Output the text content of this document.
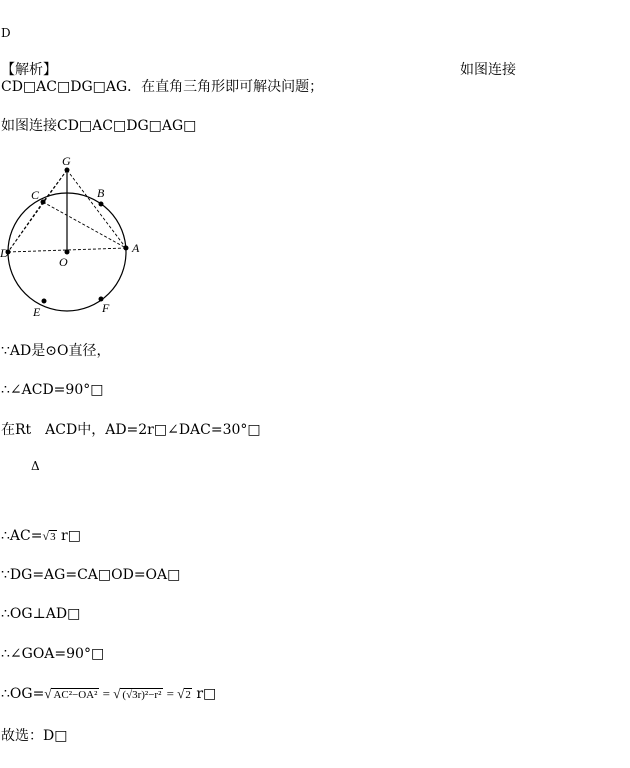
D
【解析】	如图连接
CD□AC□DG□AG．在直角三角形即可解决问题；
如图连接CD□AC□DG□AG□
G
B
C
D
O
A
E	F
∵AD是⊙O直径，
∴∠ACD=90°□
在Rt　ACD中，AD=2r□∠DAC=30°□
Δ
∴AC=√3 r□
∵DG=AG=CA□OD=OA□
∴OG⊥AD□
∴∠GOA=90°□
∴OG=√ AC²−OA² = √ (√3r)²−r² = √2 r□
故选：D□
